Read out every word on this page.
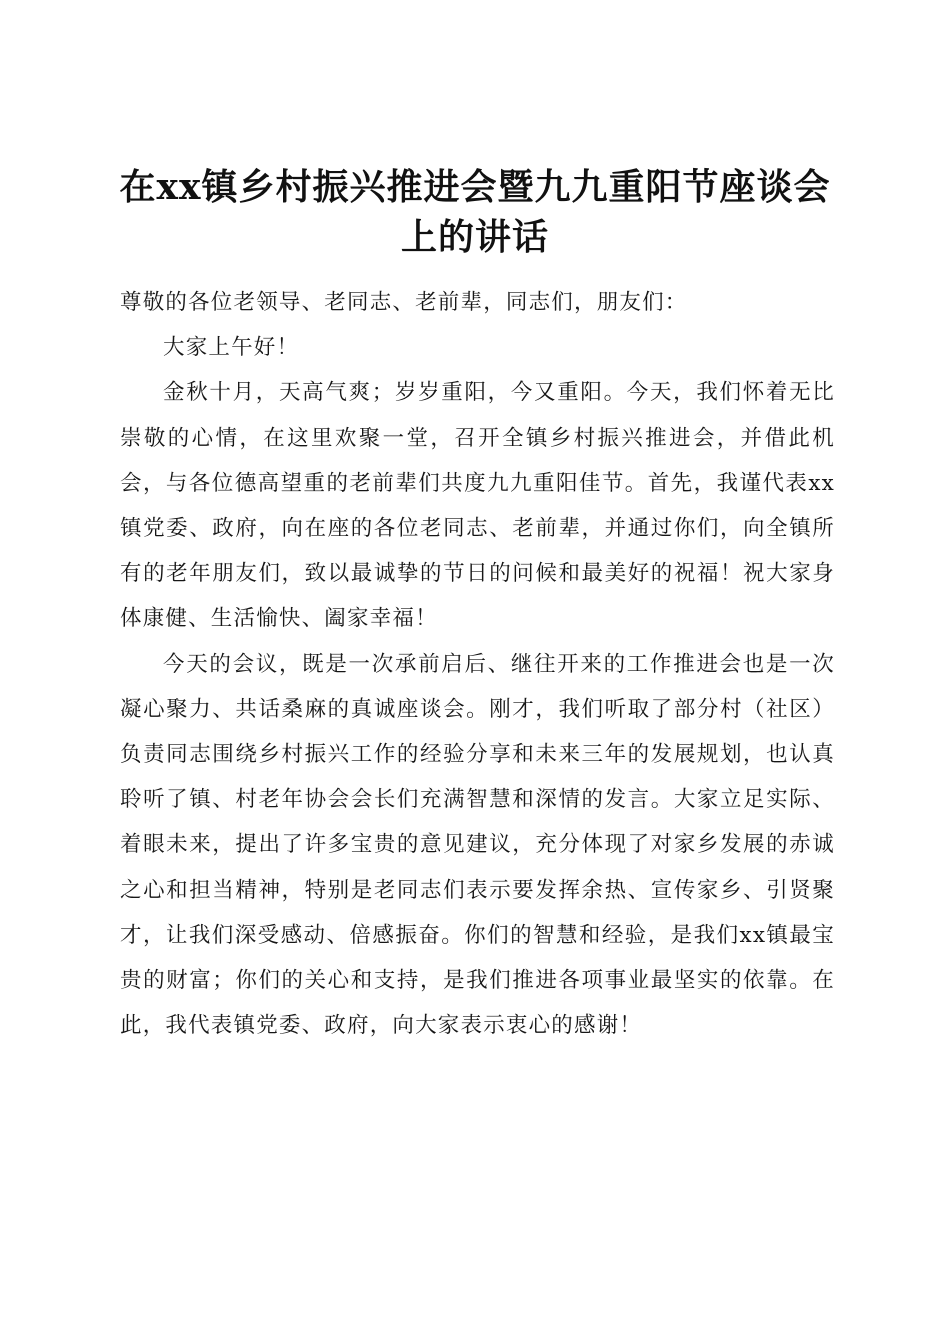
在xx镇乡村振兴推进会暨九九重阳节座谈会
上的讲话

尊敬的各位老领导、老同志、老前辈，同志们，朋友们：

大家上午好！

金秋十月，天高气爽；岁岁重阳，今又重阳。今天，我们怀着无比崇敬的心情，在这里欢聚一堂，召开全镇乡村振兴推进会，并借此机会，与各位德高望重的老前辈们共度九九重阳佳节。首先，我谨代表xx镇党委、政府，向在座的各位老同志、老前辈，并通过你们，向全镇所有的老年朋友们，致以最诚挚的节日的问候和最美好的祝福！祝大家身体康健、生活愉快、阖家幸福！

今天的会议，既是一次承前启后、继往开来的工作推进会也是一次凝心聚力、共话桑麻的真诚座谈会。刚才，我们听取了部分村（社区）负责同志围绕乡村振兴工作的经验分享和未来三年的发展规划，也认真聆听了镇、村老年协会会长们充满智慧和深情的发言。大家立足实际、着眼未来，提出了许多宝贵的意见建议，充分体现了对家乡发展的赤诚之心和担当精神，特别是老同志们表示要发挥余热、宣传家乡、引贤聚才，让我们深受感动、倍感振奋。你们的智慧和经验，是我们xx镇最宝贵的财富；你们的关心和支持，是我们推进各项事业最坚实的依靠。在此，我代表镇党委、政府，向大家表示衷心的感谢！
